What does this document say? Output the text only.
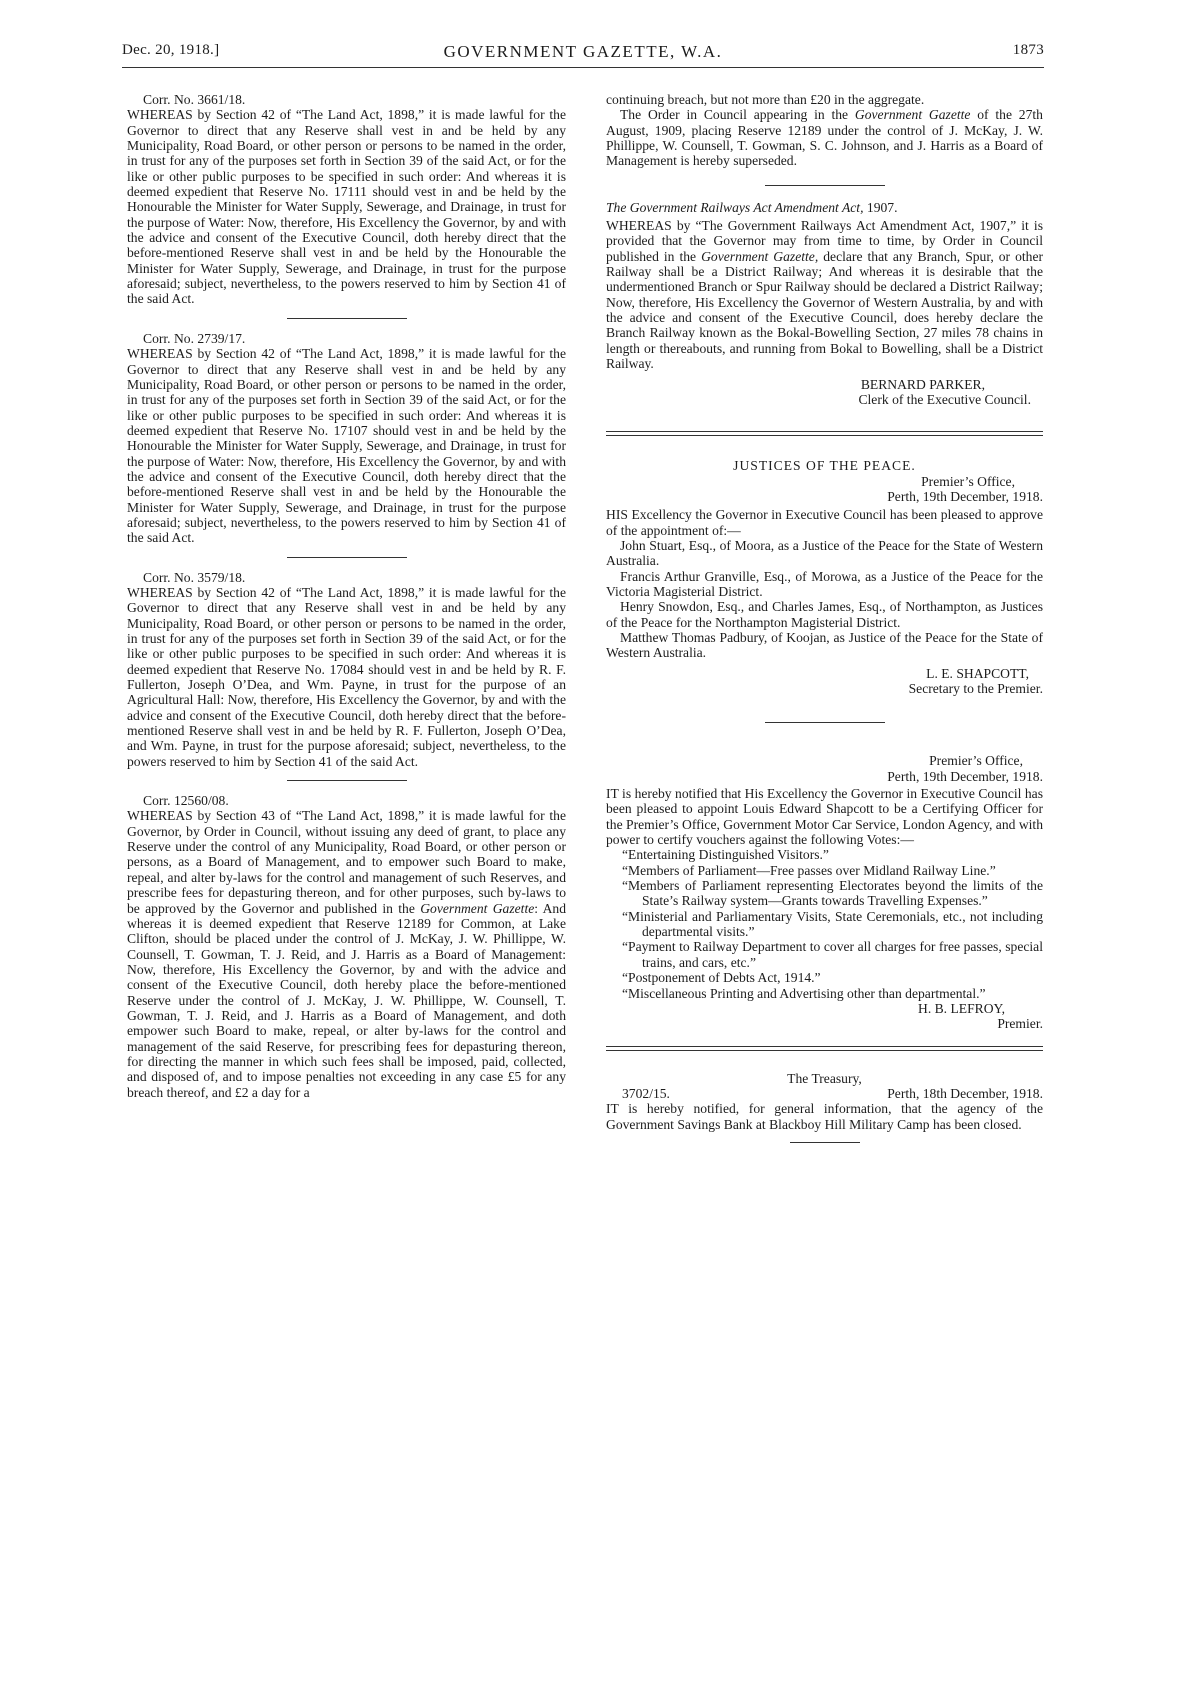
Dec. 20, 1918.]	GOVERNMENT GAZETTE, W.A.	1873

Corr. No. 3661/18.

WHEREAS by Section 42 of “The Land Act, 1898,” it is made lawful for the Governor to direct that any Reserve shall vest in and be held by any Municipality, Road Board, or other person or persons to be named in the order, in trust for any of the purposes set forth in Section 39 of the said Act, or for the like or other public purposes to be specified in such order: And whereas it is deemed expedient that Reserve No. 17111 should vest in and be held by the Honourable the Minister for Water Supply, Sewerage, and Drainage, in trust for the purpose of Water: Now, therefore, His Excellency the Governor, by and with the advice and consent of the Executive Council, doth hereby direct that the before-mentioned Reserve shall vest in and be held by the Honourable the Minister for Water Supply, Sewerage, and Drainage, in trust for the purpose aforesaid; subject, nevertheless, to the powers reserved to him by Section 41 of the said Act.

Corr. No. 2739/17.

WHEREAS by Section 42 of “The Land Act, 1898,” it is made lawful for the Governor to direct that any Reserve shall vest in and be held by any Municipality, Road Board, or other person or persons to be named in the order, in trust for any of the purposes set forth in Section 39 of the said Act, or for the like or other public purposes to be specified in such order: And whereas it is deemed expedient that Reserve No. 17107 should vest in and be held by the Honourable the Minister for Water Supply, Sewerage, and Drainage, in trust for the purpose of Water: Now, therefore, His Excellency the Governor, by and with the advice and consent of the Executive Council, doth hereby direct that the before-mentioned Reserve shall vest in and be held by the Honourable the Minister for Water Supply, Sewerage, and Drainage, in trust for the purpose aforesaid; subject, nevertheless, to the powers reserved to him by Section 41 of the said Act.

Corr. No. 3579/18.

WHEREAS by Section 42 of “The Land Act, 1898,” it is made lawful for the Governor to direct that any Reserve shall vest in and be held by any Municipality, Road Board, or other person or persons to be named in the order, in trust for any of the purposes set forth in Section 39 of the said Act, or for the like or other public purposes to be specified in such order: And whereas it is deemed expedient that Reserve No. 17084 should vest in and be held by R. F. Fullerton, Joseph O’Dea, and Wm. Payne, in trust for the purpose of an Agricultural Hall: Now, therefore, His Excellency the Governor, by and with the advice and consent of the Executive Council, doth hereby direct that the before-mentioned Reserve shall vest in and be held by R. F. Fullerton, Joseph O’Dea, and Wm. Payne, in trust for the purpose aforesaid; subject, nevertheless, to the powers reserved to him by Section 41 of the said Act.

Corr. 12560/08.

WHEREAS by Section 43 of “The Land Act, 1898,” it is made lawful for the Governor, by Order in Council, without issuing any deed of grant, to place any Reserve under the control of any Municipality, Road Board, or other person or persons, as a Board of Management, and to empower such Board to make, repeal, and alter by-laws for the control and management of such Reserves, and prescribe fees for depasturing thereon, and for other purposes, such by-laws to be approved by the Governor and published in the Government Gazette: And whereas it is deemed expedient that Reserve 12189 for Common, at Lake Clifton, should be placed under the control of J. McKay, J. W. Phillippe, W. Counsell, T. Gowman, T. J. Reid, and J. Harris as a Board of Management: Now, therefore, His Excellency the Governor, by and with the advice and consent of the Executive Council, doth hereby place the before-mentioned Reserve under the control of J. McKay, J. W. Phillippe, W. Counsell, T. Gowman, T. J. Reid, and J. Harris as a Board of Management, and doth empower such Board to make, repeal, or alter by-laws for the control and management of the said Reserve, for prescribing fees for depasturing thereon, for directing the manner in which such fees shall be imposed, paid, collected, and disposed of, and to impose penalties not exceeding in any case £5 for any breach thereof, and £2 a day for a

continuing breach, but not more than £20 in the aggregate.

The Order in Council appearing in the Government Gazette of the 27th August, 1909, placing Reserve 12189 under the control of J. McKay, J. W. Phillippe, W. Counsell, T. Gowman, S. C. Johnson, and J. Harris as a Board of Management is hereby superseded.

The Government Railways Act Amendment Act, 1907.

WHEREAS by “The Government Railways Act Amendment Act, 1907,” it is provided that the Governor may from time to time, by Order in Council published in the Government Gazette, declare that any Branch, Spur, or other Railway shall be a District Railway; And whereas it is desirable that the undermentioned Branch or Spur Railway should be declared a District Railway; Now, therefore, His Excellency the Governor of Western Australia, by and with the advice and consent of the Executive Council, does hereby declare the Branch Railway known as the Bokal-Bowelling Section, 27 miles 78 chains in length or thereabouts, and running from Bokal to Bowelling, shall be a District Railway.

BERNARD PARKER,

Clerk of the Executive Council.

JUSTICES OF THE PEACE.

Premier’s Office,

Perth, 19th December, 1918.

HIS Excellency the Governor in Executive Council has been pleased to approve of the appointment of:—

John Stuart, Esq., of Moora, as a Justice of the Peace for the State of Western Australia.

Francis Arthur Granville, Esq., of Morowa, as a Justice of the Peace for the Victoria Magisterial District.

Henry Snowdon, Esq., and Charles James, Esq., of Northampton, as Justices of the Peace for the Northampton Magisterial District.

Matthew Thomas Padbury, of Koojan, as Justice of the Peace for the State of Western Australia.

L. E. SHAPCOTT,

Secretary to the Premier.

Premier’s Office,

Perth, 19th December, 1918.

IT is hereby notified that His Excellency the Governor in Executive Council has been pleased to appoint Louis Edward Shapcott to be a Certifying Officer for the Premier’s Office, Government Motor Car Service, London Agency, and with power to certify vouchers against the following Votes:—

“Entertaining Distinguished Visitors.”

“Members of Parliament—Free passes over Midland Railway Line.”

“Members of Parliament representing Electorates beyond the limits of the State’s Railway system—Grants towards Travelling Expenses.”

“Ministerial and Parliamentary Visits, State Ceremonials, etc., not including departmental visits.”

“Payment to Railway Department to cover all charges for free passes, special trains, and cars, etc.”

“Postponement of Debts Act, 1914.”

“Miscellaneous Printing and Advertising other than departmental.”

H. B. LEFROY,

Premier.

The Treasury,

3702/15.	Perth, 18th December, 1918.

IT is hereby notified, for general information, that the agency of the Government Savings Bank at Blackboy Hill Military Camp has been closed.
